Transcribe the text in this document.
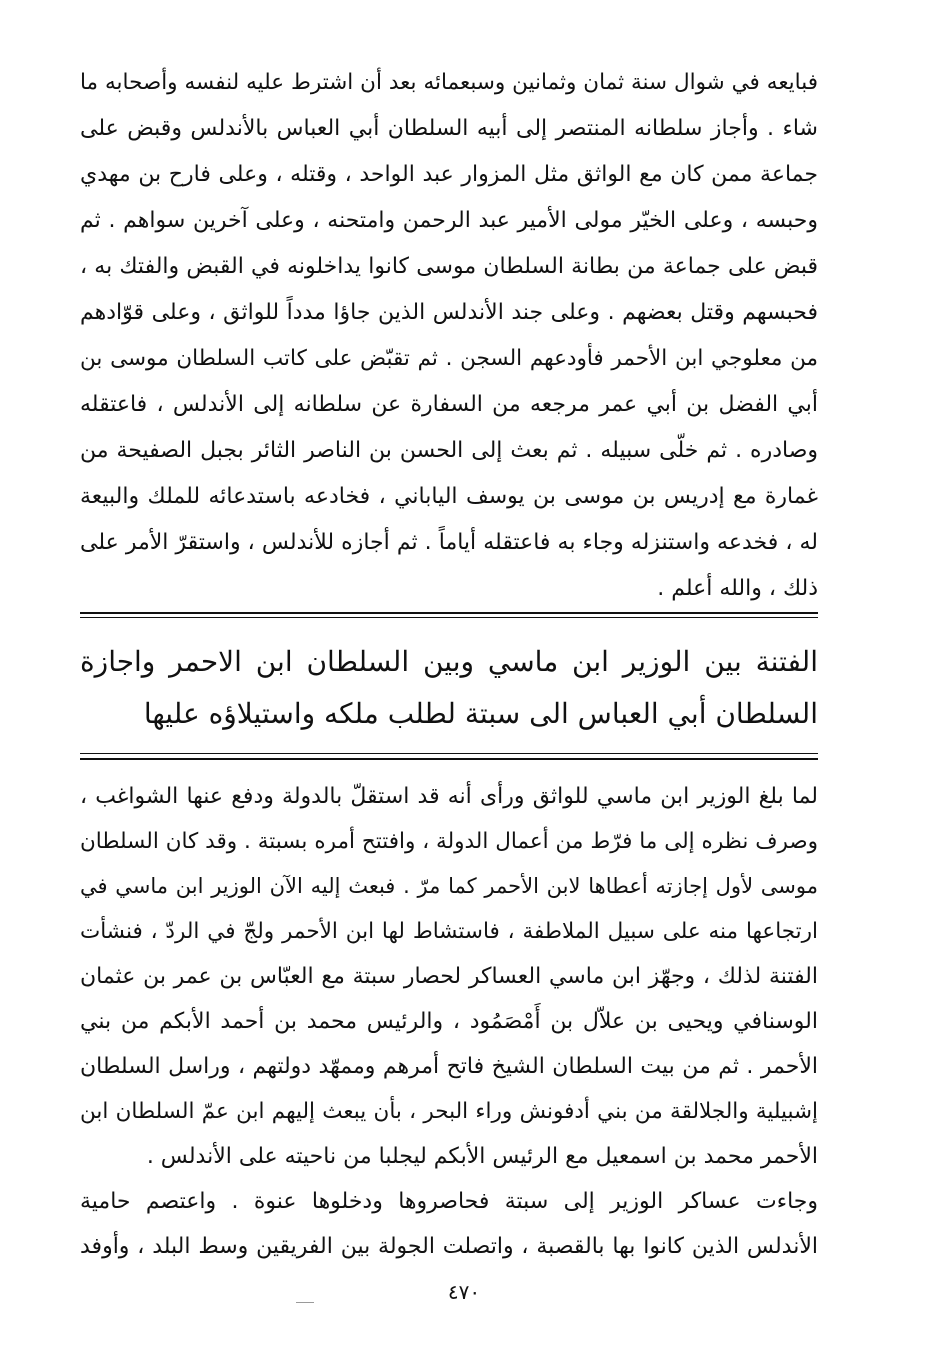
فبايعه في شوال سنة ثمان وثمانين وسبعمائه بعد أن اشترط عليه لنفسه وأصحابه ما
شاء . وأجاز سلطانه المنتصر إلى أبيه السلطان أبي العباس بالأندلس وقبض على
جماعة ممن كان مع الواثق مثل المزوار عبد الواحد ، وقتله ، وعلى فارح بن مهدي
وحبسه ، وعلى الخيّر مولى الأمير عبد الرحمن وامتحنه ، وعلى آخرين سواهم . ثم
قبض على جماعة من بطانة السلطان موسى كانوا يداخلونه في القبض والفتك به ،
فحبسهم وقتل بعضهم . وعلى جند الأندلس الذين جاؤا مدداً للواثق ، وعلى قوّادهم
من معلوجي ابن الأحمر فأودعهم السجن . ثم تقبّض على كاتب السلطان موسى بن
أبي الفضل بن أبي عمر مرجعه من السفارة عن سلطانه إلى الأندلس ، فاعتقله
وصادره . ثم خلّى سبيله . ثم بعث إلى الحسن بن الناصر الثائر بجبل الصفيحة من
غمارة مع إدريس بن موسى بن يوسف الياباني ، فخادعه باستدعائه للملك والبيعة
له ، فخدعه واستنزله وجاء به فاعتقله أياماً . ثم أجازه للأندلس ، واستقرّ الأمر على
ذلك ، والله أعلم .
الفتنة بين الوزير ابن ماسي وبين السلطان ابن الاحمر واجازة
السلطان أبي العباس الى سبتة لطلب ملكه واستيلاؤه عليها
لما بلغ الوزير ابن ماسي للواثق ورأى أنه قد استقلّ بالدولة ودفع عنها الشواغب ،
وصرف نظره إلى ما فرّط من أعمال الدولة ، وافتتح أمره بسبتة . وقد كان السلطان
موسى لأول إجازته أعطاها لابن الأحمر كما مرّ . فبعث إليه الآن الوزير ابن ماسي في
ارتجاعها منه على سبيل الملاطفة ، فاستشاط لها ابن الأحمر ولجّ في الردّ ، فنشأت
الفتنة لذلك ، وجهّز ابن ماسي العساكر لحصار سبتة مع العبّاس بن عمر بن عثمان
الوسنافي ويحيى بن علاّل بن أَمْصَمُود ، والرئيس محمد بن أحمد الأبكم من بني
الأحمر . ثم من بيت السلطان الشيخ فاتح أمرهم وممهّد دولتهم ، وراسل السلطان
إشبيلية والجلالقة من بني أدفونش وراء البحر ، بأن يبعث إليهم ابن عمّ السلطان ابن
الأحمر محمد بن اسمعيل مع الرئيس الأبكم ليجلبا من ناحيته على الأندلس .
وجاءت عساكر الوزير إلى سبتة فحاصروها ودخلوها عنوة . واعتصم حامية
الأندلس الذين كانوا بها بالقصبة ، واتصلت الجولة بين الفريقين وسط البلد ، وأوفد
٤٧٠
